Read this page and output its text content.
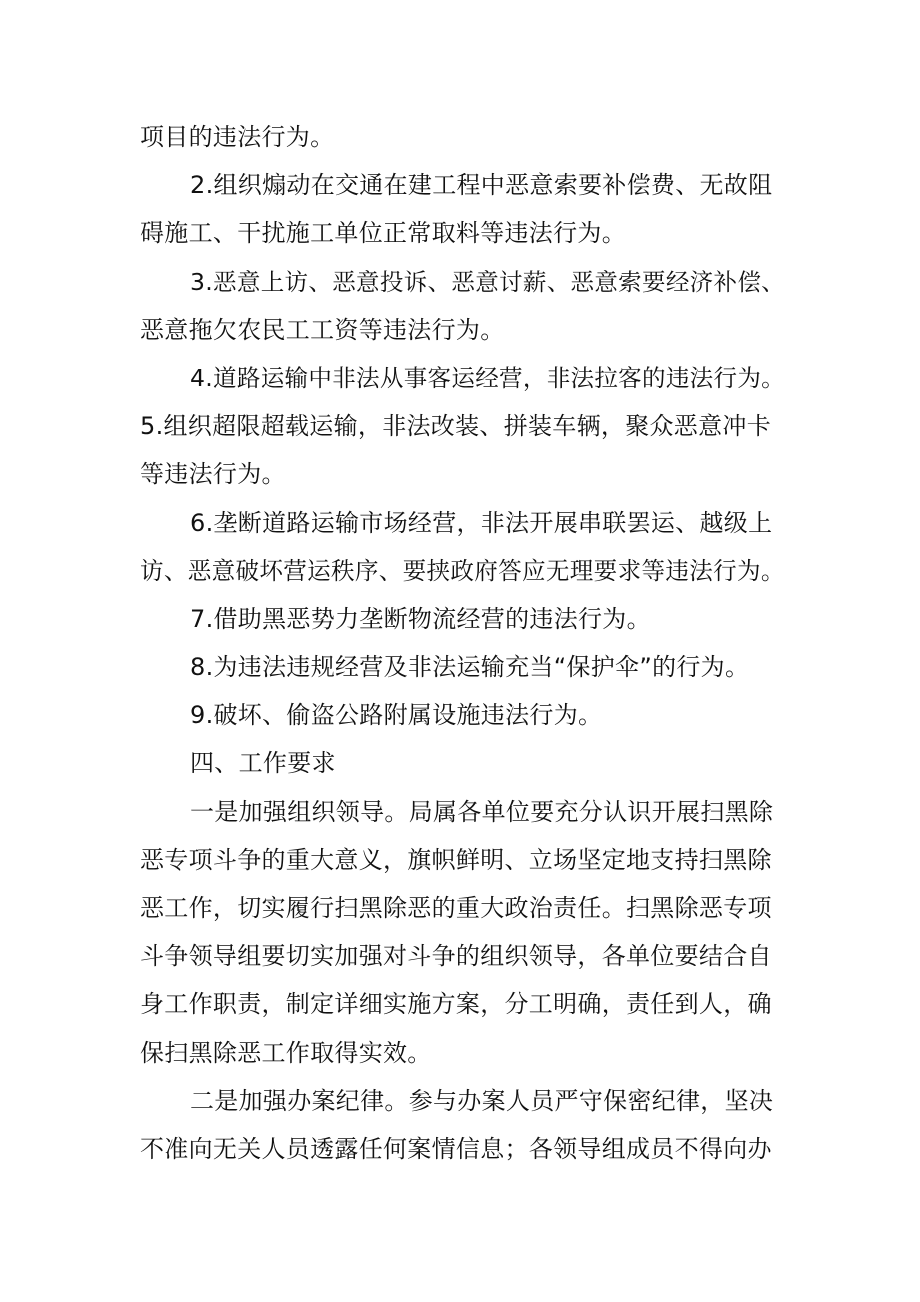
项目的违法行为。
2.组织煽动在交通在建工程中恶意索要补偿费、无故阻
碍施工、干扰施工单位正常取料等违法行为。
3.恶意上访、恶意投诉、恶意讨薪、恶意索要经济补偿、
恶意拖欠农民工工资等违法行为。
4.道路运输中非法从事客运经营，非法拉客的违法行为。
5.组织超限超载运输，非法改装、拼装车辆，聚众恶意冲卡
等违法行为。
6.垄断道路运输市场经营，非法开展串联罢运、越级上
访、恶意破坏营运秩序、要挟政府答应无理要求等违法行为。
7.借助黑恶势力垄断物流经营的违法行为。
8.为违法违规经营及非法运输充当“保护伞”的行为。
9.破坏、偷盗公路附属设施违法行为。
四、工作要求
一是加强组织领导。局属各单位要充分认识开展扫黑除
恶专项斗争的重大意义，旗帜鲜明、立场坚定地支持扫黑除
恶工作，切实履行扫黑除恶的重大政治责任。扫黑除恶专项
斗争领导组要切实加强对斗争的组织领导，各单位要结合自
身工作职责，制定详细实施方案，分工明确，责任到人，确
保扫黑除恶工作取得实效。
二是加强办案纪律。参与办案人员严守保密纪律，坚决
不准向无关人员透露任何案情信息；各领导组成员不得向办
